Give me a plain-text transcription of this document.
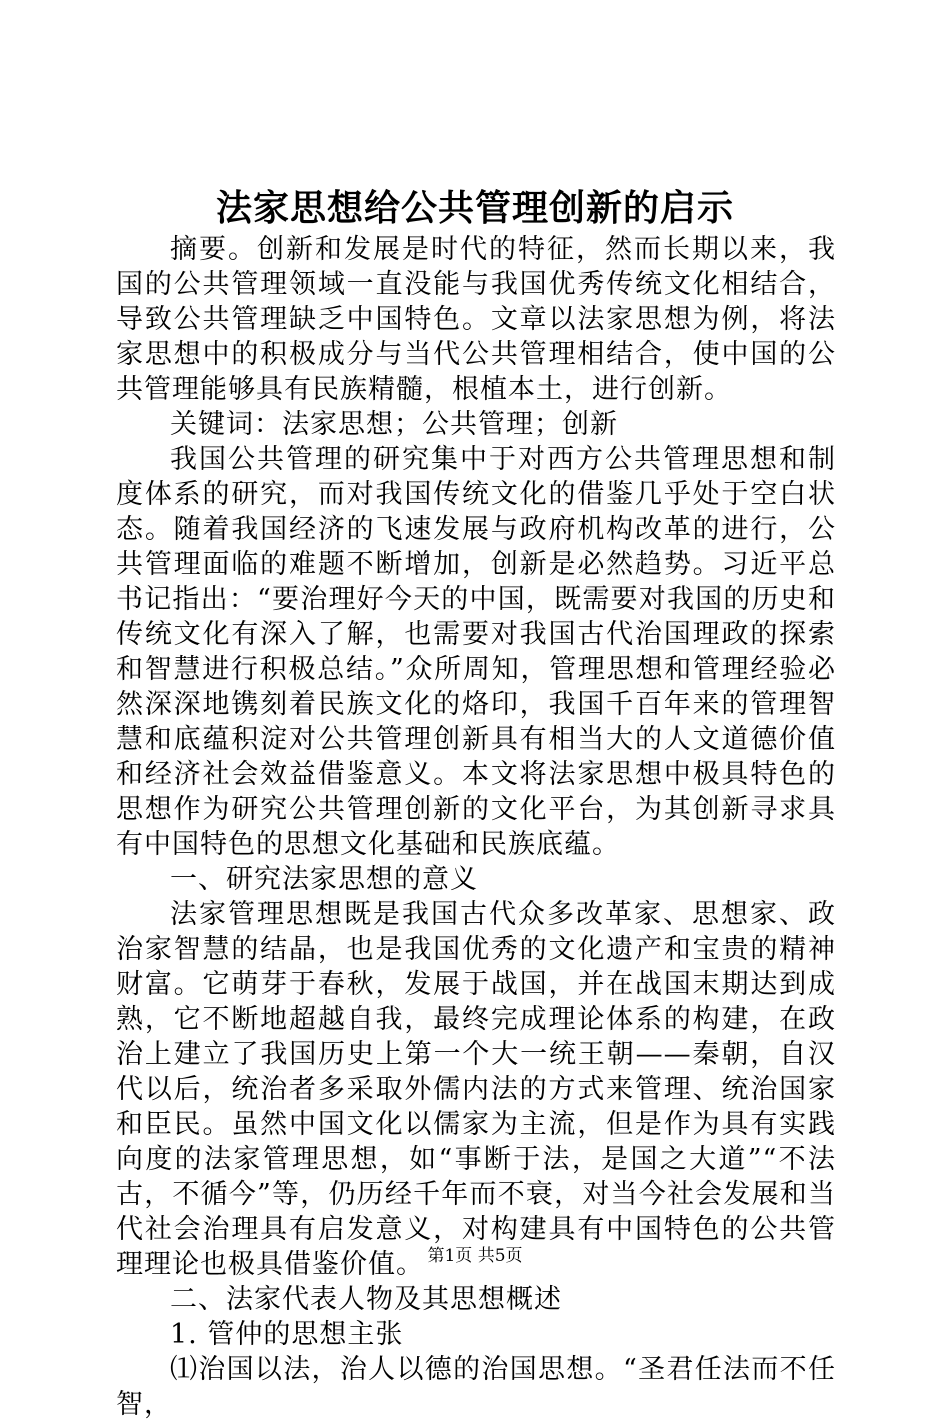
法家思想给公共管理创新的启示

摘要。创新和发展是时代的特征，然而长期以来，我国的公共管理领域一直没能与我国优秀传统文化相结合，导致公共管理缺乏中国特色。文章以法家思想为例，将法家思想中的积极成分与当代公共管理相结合，使中国的公共管理能够具有民族精髓，根植本土，进行创新。

关键词：法家思想；公共管理；创新

我国公共管理的研究集中于对西方公共管理思想和制度体系的研究，而对我国传统文化的借鉴几乎处于空白状态。随着我国经济的飞速发展与政府机构改革的进行，公共管理面临的难题不断增加，创新是必然趋势。习近平总书记指出：“要治理好今天的中国，既需要对我国的历史和传统文化有深入了解，也需要对我国古代治国理政的探索和智慧进行积极总结。”众所周知，管理思想和管理经验必然深深地镌刻着民族文化的烙印，我国千百年来的管理智慧和底蕴积淀对公共管理创新具有相当大的人文道德价值和经济社会效益借鉴意义。本文将法家思想中极具特色的思想作为研究公共管理创新的文化平台，为其创新寻求具有中国特色的思想文化基础和民族底蕴。

一、研究法家思想的意义

法家管理思想既是我国古代众多改革家、思想家、政治家智慧的结晶，也是我国优秀的文化遗产和宝贵的精神财富。它萌芽于春秋，发展于战国，并在战国末期达到成熟，它不断地超越自我，最终完成理论体系的构建，在政治上建立了我国历史上第一个大一统王朝——秦朝，自汉代以后，统治者多采取外儒内法的方式来管理、统治国家和臣民。虽然中国文化以儒家为主流，但是作为具有实践向度的法家管理思想，如“事断于法，是国之大道”“不法古，不循今”等，仍历经千年而不衰，对当今社会发展和当代社会治理具有启发意义，对构建具有中国特色的公共管理理论也极具借鉴价值。

二、法家代表人物及其思想概述

1. 管仲的思想主张

⑴治国以法，治人以德的治国思想。“圣君任法而不任智，

第1页 共5页
